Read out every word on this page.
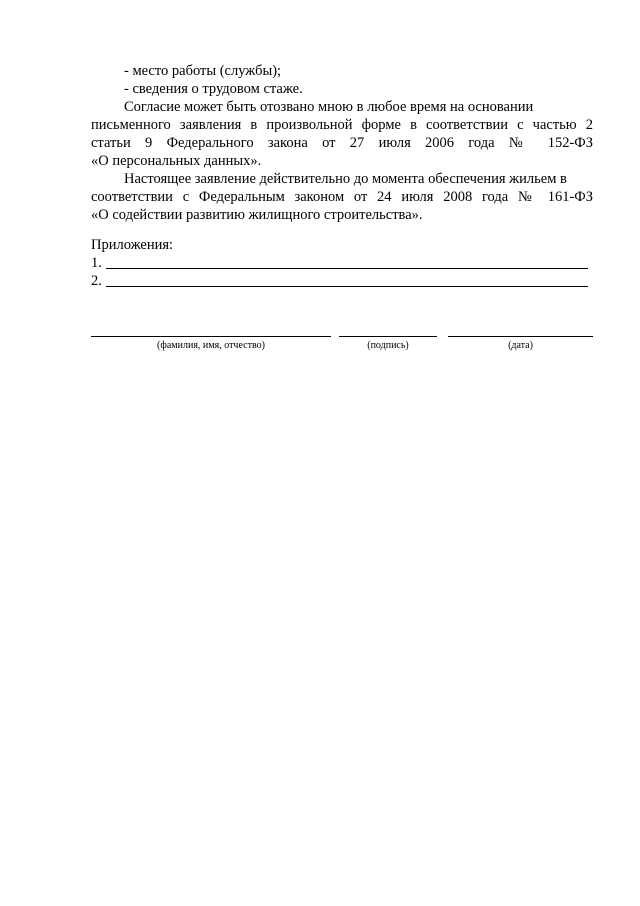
- место работы (службы);
- сведения о трудовом стаже.
Согласие может быть отозвано мною в любое время на основании
письменного заявления в произвольной форме в соответствии с частью 2
статьи 9 Федерального закона от 27 июля 2006 года № 152-ФЗ
«О персональных данных».
Настоящее заявление действительно до момента обеспечения жильем в
соответствии с Федеральным законом от 24 июля 2008 года № 161-ФЗ
«О содействии развитию жилищного строительства».
Приложения:
1.
2.
(фамилия, имя, отчество)	(подпись)	(дата)
